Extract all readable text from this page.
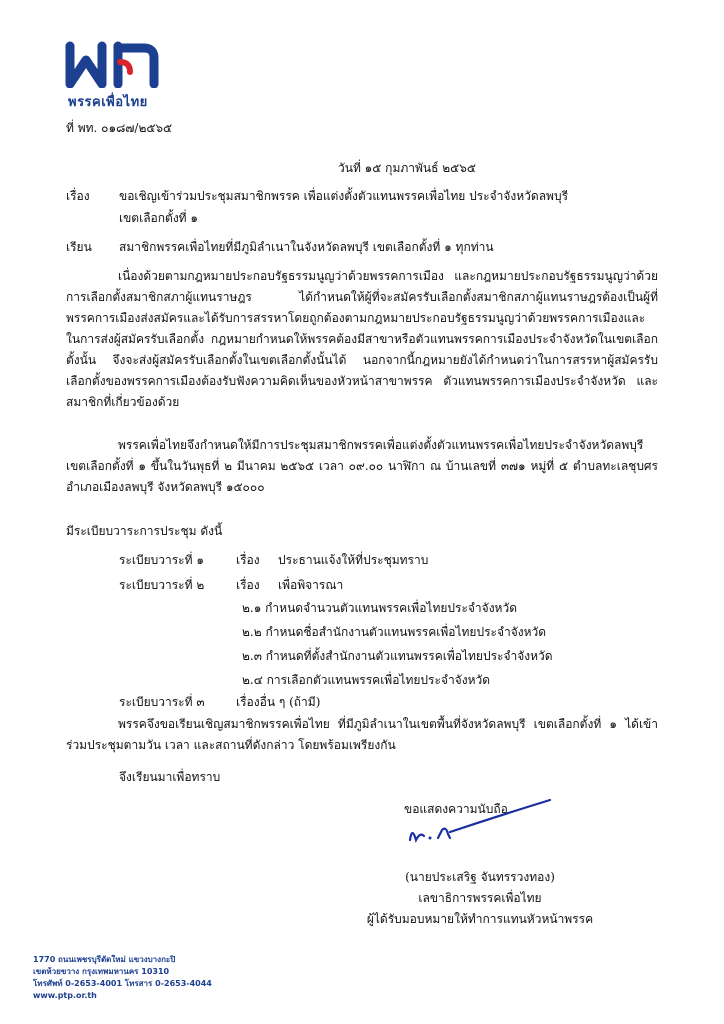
พรรคเพื่อไทย
ที่ พท. ๐๑๘๗/๒๕๖๕
วันที่ ๑๕ กุมภาพันธ์ ๒๕๖๕
เรื่อง ขอเชิญเข้าร่วมประชุมสมาชิกพรรค เพื่อแต่งตั้งตัวแทนพรรคเพื่อไทย ประจำจังหวัดลพบุรี
เขตเลือกตั้งที่ ๑
เรียน สมาชิกพรรคเพื่อไทยที่มีภูมิลำเนาในจังหวัดลพบุรี เขตเลือกตั้งที่ ๑ ทุกท่าน
เนื่องด้วยตามกฎหมายประกอบรัฐธรรมนูญว่าด้วยพรรคการเมือง และกฎหมายประกอบรัฐธรรมนูญว่าด้วยการเลือกตั้งสมาชิกสภาผู้แทนราษฎร ได้กำหนดให้ผู้ที่จะสมัครรับเลือกตั้งสมาชิกสภาผู้แทนราษฎรต้องเป็นผู้ที่พรรคการเมืองส่งสมัครและได้รับการสรรหาโดยถูกต้องตามกฎหมายประกอบรัฐธรรมนูญว่าด้วยพรรคการเมืองและในการส่งผู้สมัครรับเลือกตั้ง กฎหมายกำหนดให้พรรคต้องมีสาขาหรือตัวแทนพรรคการเมืองประจำจังหวัดในเขตเลือกตั้งนั้น จึงจะส่งผู้สมัครรับเลือกตั้งในเขตเลือกตั้งนั้นได้ นอกจากนี้กฎหมายยังได้กำหนดว่าในการสรรหาผู้สมัครรับเลือกตั้งของพรรคการเมืองต้องรับฟังความคิดเห็นของหัวหน้าสาขาพรรค ตัวแทนพรรคการเมืองประจำจังหวัด และสมาชิกที่เกี่ยวข้องด้วย
พรรคเพื่อไทยจึงกำหนดให้มีการประชุมสมาชิกพรรคเพื่อแต่งตั้งตัวแทนพรรคเพื่อไทยประจำจังหวัดลพบุรี เขตเลือกตั้งที่ ๑ ขึ้นในวันพุธที่ ๒ มีนาคม ๒๕๖๕ เวลา ๐๙.๐๐ นาฬิกา ณ บ้านเลขที่ ๓๗๑ หมู่ที่ ๕ ตำบลทะเลชุบศร อำเภอเมืองลพบุรี จังหวัดลพบุรี ๑๕๐๐๐
มีระเบียบวาระการประชุม ดังนี้
ระเบียบวาระที่ ๑	เรื่อง ประธานแจ้งให้ที่ประชุมทราบ
ระเบียบวาระที่ ๒	เรื่อง เพื่อพิจารณา
๒.๑ กำหนดจำนวนตัวแทนพรรคเพื่อไทยประจำจังหวัด
๒.๒ กำหนดชื่อสำนักงานตัวแทนพรรคเพื่อไทยประจำจังหวัด
๒.๓ กำหนดที่ตั้งสำนักงานตัวแทนพรรคเพื่อไทยประจำจังหวัด
๒.๔ การเลือกตัวแทนพรรคเพื่อไทยประจำจังหวัด
ระเบียบวาระที่ ๓	เรื่องอื่น ๆ (ถ้ามี)
พรรคจึงขอเรียนเชิญสมาชิกพรรคเพื่อไทย ที่มีภูมิลำเนาในเขตพื้นที่จังหวัดลพบุรี เขตเลือกตั้งที่ ๑ ได้เข้าร่วมประชุมตามวัน เวลา และสถานที่ดังกล่าว โดยพร้อมเพรียงกัน
จึงเรียนมาเพื่อทราบ
ขอแสดงความนับถือ
(นายประเสริฐ จันทรรวงทอง)
เลขาธิการพรรคเพื่อไทย
ผู้ได้รับมอบหมายให้ทำการแทนหัวหน้าพรรค
1770 ถนนเพชรบุรีตัดใหม่ แขวงบางกะปิ
เขตห้วยขวาง กรุงเทพมหานคร 10310
โทรศัพท์ 0-2653-4001 โทรสาร 0-2653-4044
www.ptp.or.th
